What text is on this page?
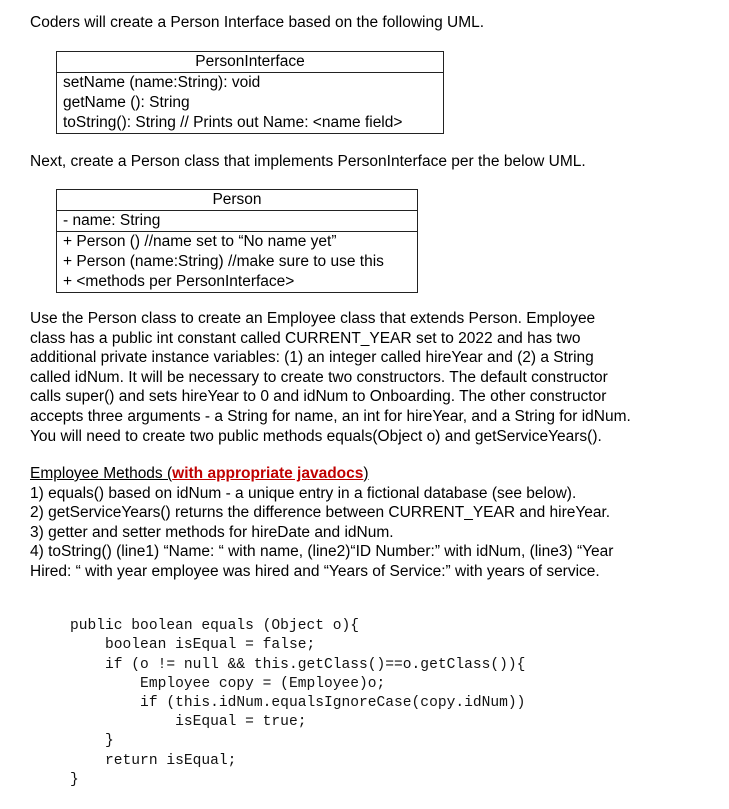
Coders will create a Person Interface based on the following UML.
PersonInterface
setName (name:String): void
getName (): String
toString(): String // Prints out Name: <name field>
Next, create a Person class that implements PersonInterface per the below UML.
Person
- name: String
+ Person () //name set to “No name yet”
+ Person (name:String) //make sure to use this
+ <methods per PersonInterface>
Use the Person class to create an Employee class that extends Person. Employee
class has a public int constant called CURRENT_YEAR set to 2022 and has two
additional private instance variables: (1) an integer called hireYear and (2) a String
called idNum. It will be necessary to create two constructors. The default constructor
calls super() and sets hireYear to 0 and idNum to Onboarding. The other constructor
accepts three arguments - a String for name, an int for hireYear, and a String for idNum.
You will need to create two public methods equals(Object o) and getServiceYears().
Employee Methods (with appropriate javadocs)
1) equals() based on idNum - a unique entry in a fictional database (see below).
2) getServiceYears() returns the difference between CURRENT_YEAR and hireYear.
3) getter and setter methods for hireDate and idNum.
4) toString() (line1) “Name: “ with name, (line2)“ID Number:” with idNum, (line3) “Year
Hired: “ with year employee was hired and “Years of Service:” with years of service.

public boolean equals (Object o){
boolean isEqual = false;
if (o != null && this.getClass()==o.getClass()){
Employee copy = (Employee)o;
if (this.idNum.equalsIgnoreCase(copy.idNum))
isEqual = true;
}
return isEqual;
}
